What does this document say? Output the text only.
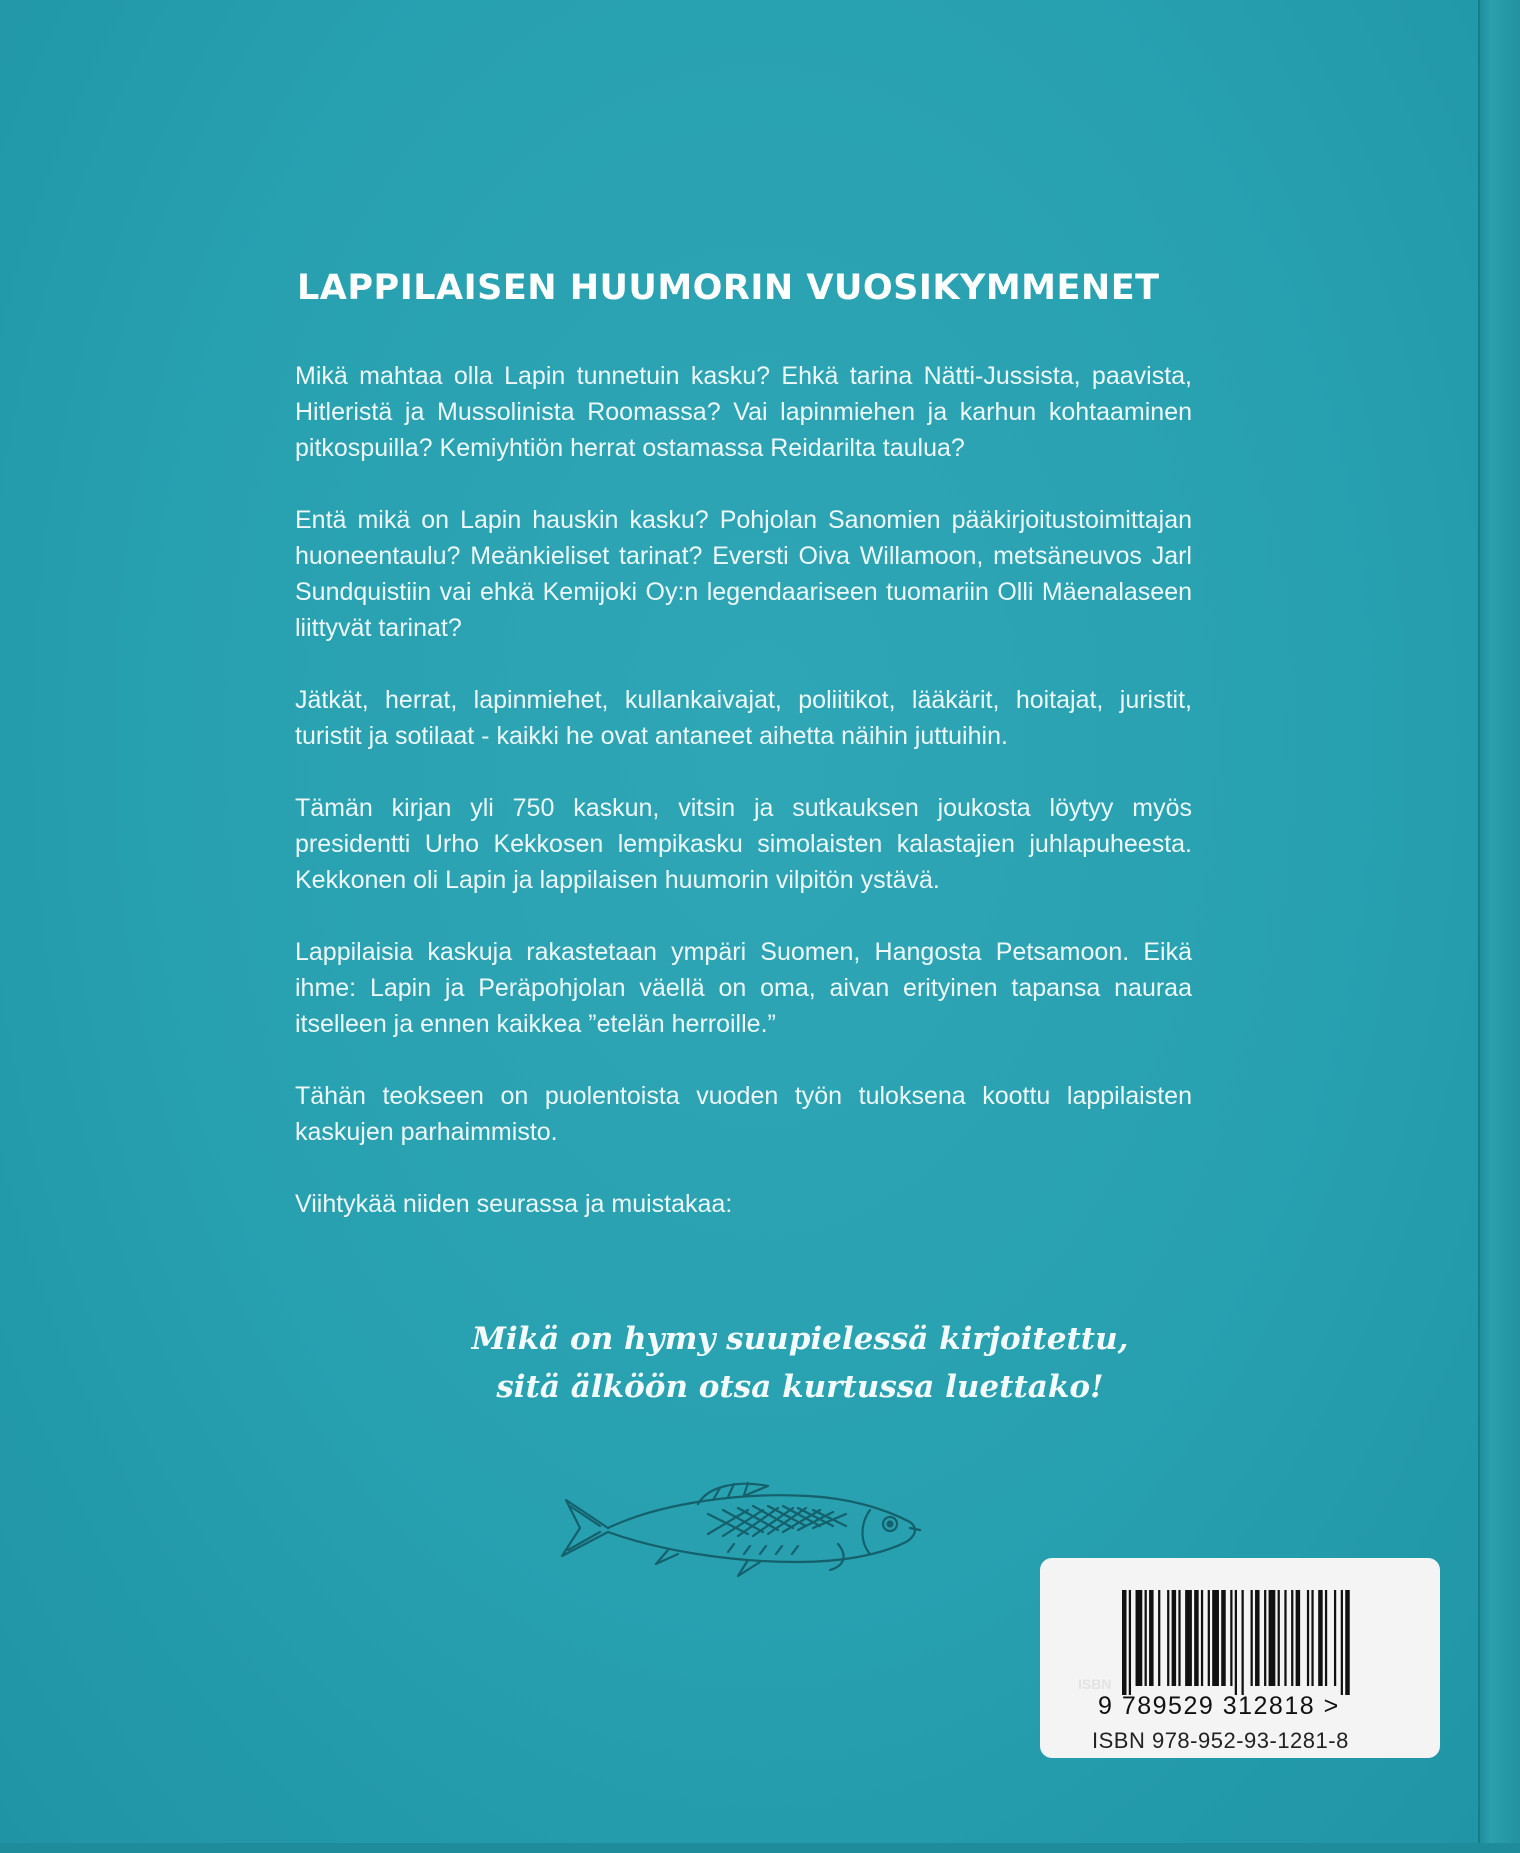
LAPPILAISEN HUUMORIN VUOSIKYMMENET

Mikä mahtaa olla Lapin tunnetuin kasku? Ehkä tarina Nätti-Jussista, paavista, Hitleristä ja Mussolinista Roomassa? Vai lapinmiehen ja karhun kohtaaminen pitkospuilla? Kemiyhtiön herrat ostamassa Reidarilta taulua?

Entä mikä on Lapin hauskin kasku? Pohjolan Sanomien pääkirjoitustoimittajan huoneentaulu? Meänkieliset tarinat? Eversti Oiva Willamoon, metsäneuvos Jarl Sundquistiin vai ehkä Kemijoki Oy:n legendaariseen tuomariin Olli Mäenalaseen liittyvät tarinat?

Jätkät, herrat, lapinmiehet, kullankaivajat, poliitikot, lääkärit, hoitajat, juristit, turistit ja sotilaat - kaikki he ovat antaneet aihetta näihin juttuihin.

Tämän kirjan yli 750 kaskun, vitsin ja sutkauksen joukosta löytyy myös presidentti Urho Kekkosen lempikasku simolaisten kalastajien juhlapuheesta. Kekkonen oli Lapin ja lappilaisen huumorin vilpitön ystävä.

Lappilaisia kaskuja rakastetaan ympäri Suomen, Hangosta Petsamoon. Eikä ihme: Lapin ja Peräpohjolan väellä on oma, aivan erityinen tapansa nauraa itselleen ja ennen kaikkea ”etelän herroille.”

Tähän teokseen on puolentoista vuoden työn tuloksena koottu lappilaisten kaskujen parhaimmisto.

Viihtykää niiden seurassa ja muistakaa:

Mikä on hymy suupielessä kirjoitettu,
sitä älköön otsa kurtussa luettako!
ISBN
9 789529 312818 >
ISBN 978-952-93-1281-8
